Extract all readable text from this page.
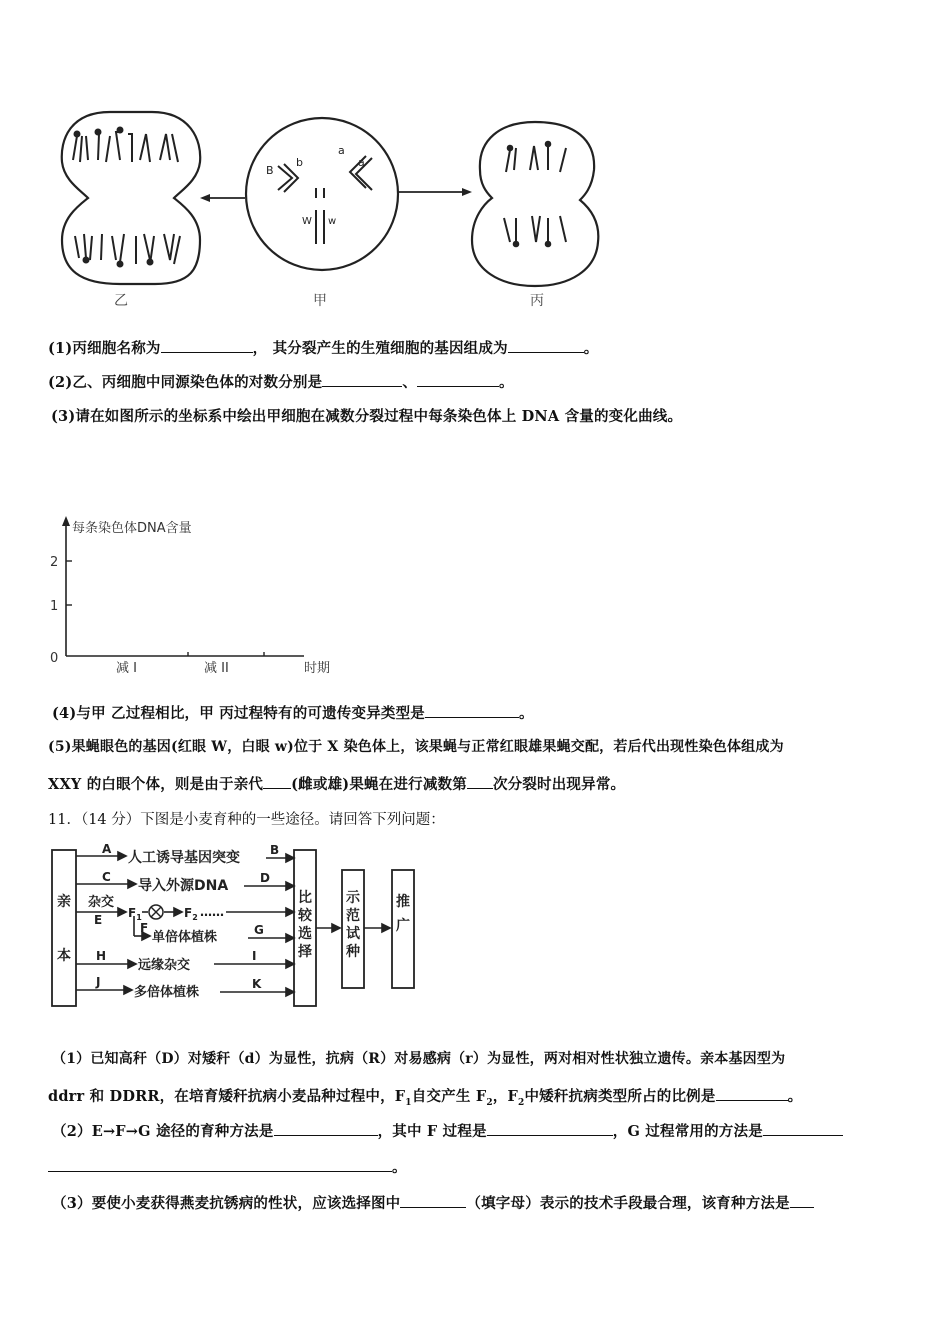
B
b
a
a
W w
乙	甲	丙
(1)丙细胞名称为	， 其分裂产生的生殖细胞的基因组成为	。
(2)乙、丙细胞中同源染色体的对数分别是	、	。
(3)请在如图所示的坐标系中绘出甲细胞在减数分裂过程中每条染色体上 DNA 含量的变化曲线。
每条染色体DNA含量
2
1
0
减 I	减 II	时期
(4)与甲 乙过程相比，甲 丙过程特有的可遗传变异类型是	。
(5)果蝇眼色的基因(红眼 W，白眼 w)位于 X 染色体上，该果蝇与正常红眼雄果蝇交配，若后代出现性染色体组成为
XXY 的白眼个体，则是由于亲代 (雌或雄)果蝇在进行减数第 次分裂时出现异常。
11．（14 分）下图是小麦育种的一些途径。请回答下列问题：
亲
本
比
较
选
择
示
范
试
种
推
广
A
人工诱导基因突变	B
C
导入外源DNA	D
杂交
E $F_1$	$F_2$ ……
F
单倍体植株	G
H
远缘杂交
I
J
多倍体植株
K
（1）已知高秆（D）对矮秆（d）为显性，抗病（R）对易感病（r）为显性，两对相对性状独立遗传。亲本基因型为
ddrr 和 DDRR，在培育矮秆抗病小麦品种过程中，$F_1$自交产生 $F_2$，$F_2$中矮秆抗病类型所占的比例是	。
（2）E→F→G 途径的育种方法是	，其中 F 过程是	，G 过程常用的方法是
。
（3）要使小麦获得燕麦抗锈病的性状，应该选择图中	（填字母）表示的技术手段最合理，该育种方法是
